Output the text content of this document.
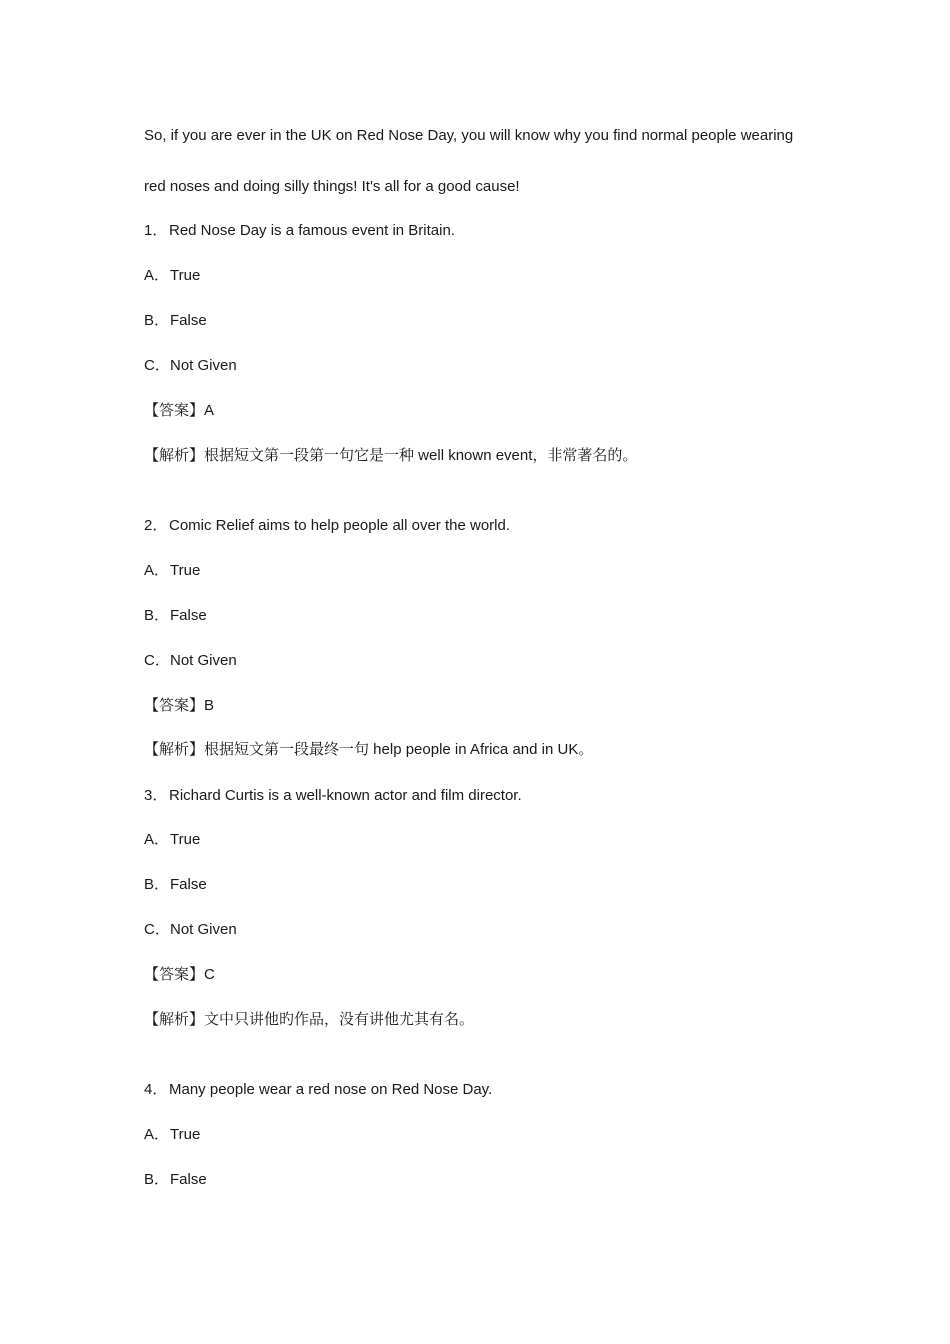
So, if you are ever in the UK on Red Nose Day, you will know why you find normal people wearing
red noses and doing silly things! It's all for a good cause!
1． Red Nose Day is a famous event in Britain.
A．True
B．False
C．Not Given
【答案】A
【解析】根据短文第一段第一句它是一种 well known event，非常著名的。
2． Comic Relief aims to help people all over the world.
A．True
B．False
C．Not Given
【答案】B
【解析】根据短文第一段最终一句 help people in Africa and in UK。
3． Richard Curtis is a well-known actor and film director.
A．True
B．False
C．Not Given
【答案】C
【解析】文中只讲他旳作品，没有讲他尤其有名。
4． Many people wear a red nose on Red Nose Day.
A．True
B．False
